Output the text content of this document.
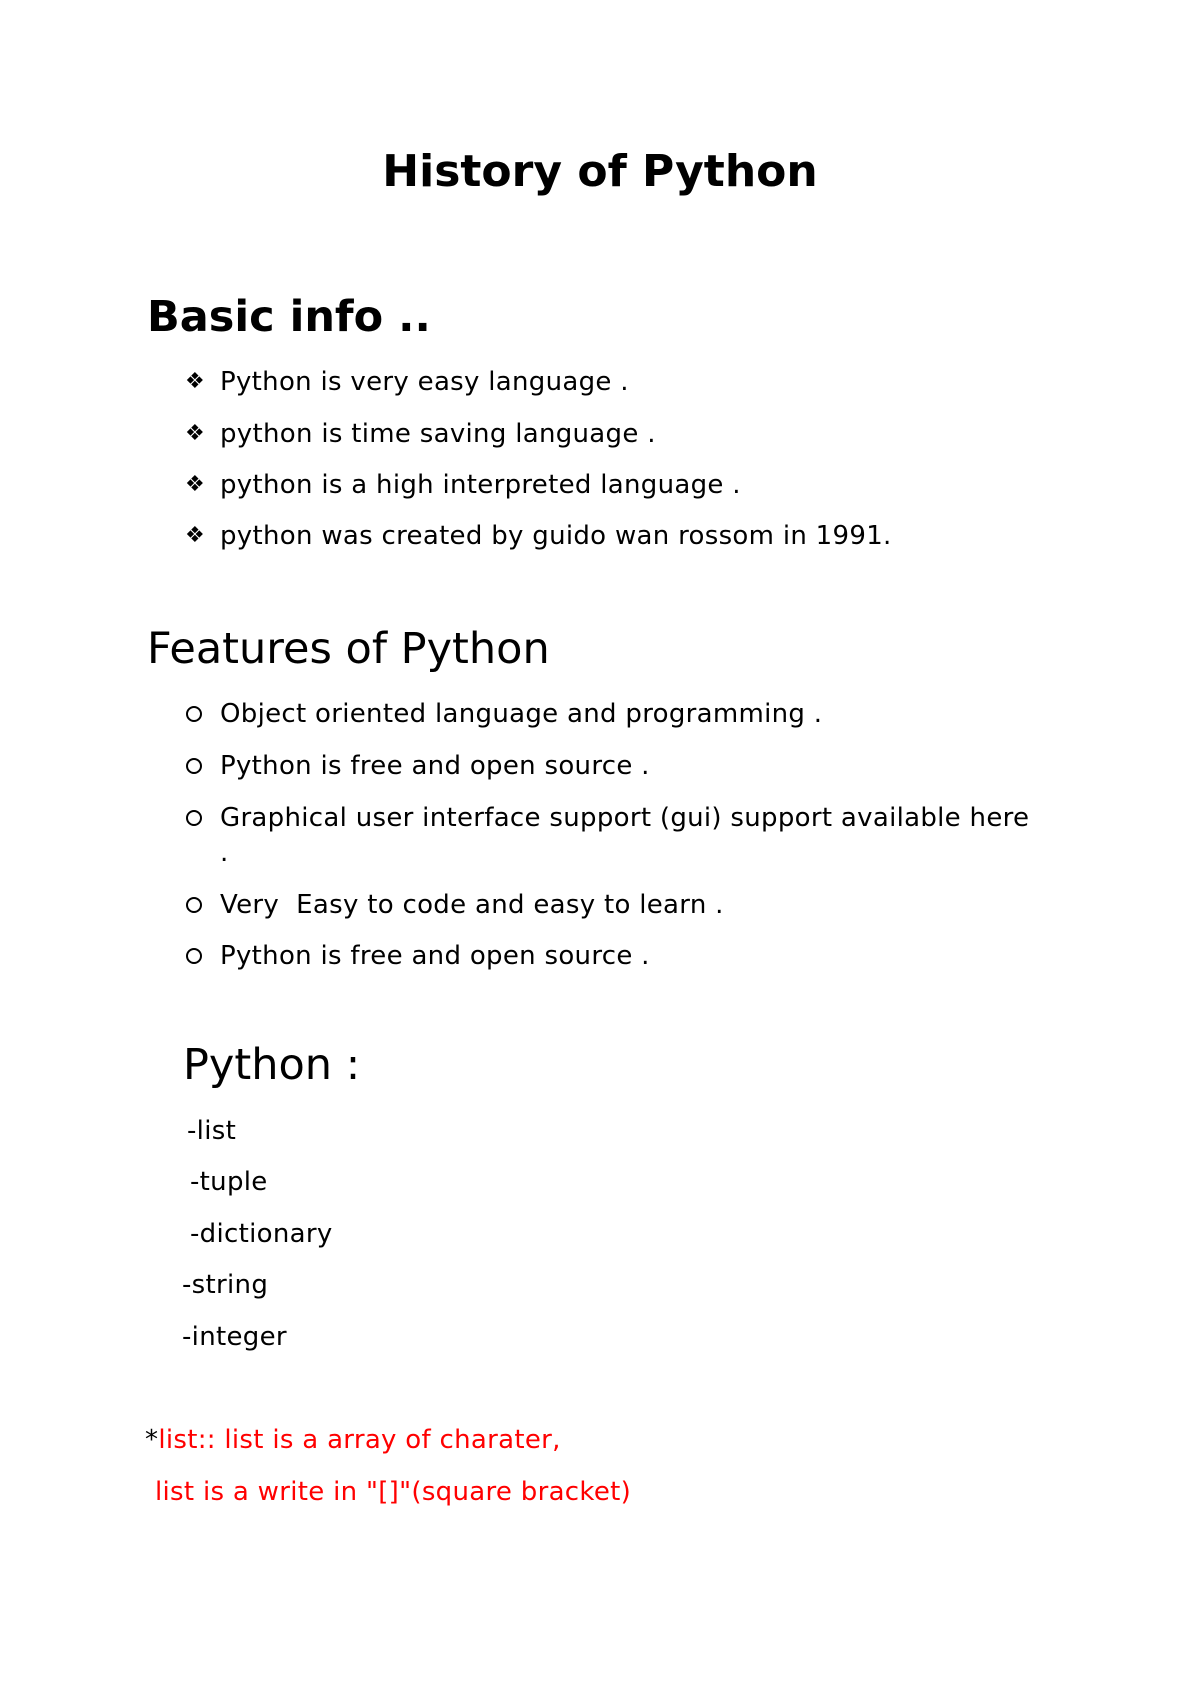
History of Python
Basic info ..
❖ Python is very easy language .
❖ python is time saving language .
❖ python is a high interpreted language .
❖ python was created by guido wan rossom in 1991.
Features of Python
Object oriented language and programming .
Python is free and open source .
Graphical user interface support (gui) support available here .
Very  Easy to code and easy to learn .
Python is free and open source .
Python :
-list
-tuple
-dictionary
-string
-integer
*list:: list is a array of charater,
list is a write in "[]"(square bracket)
